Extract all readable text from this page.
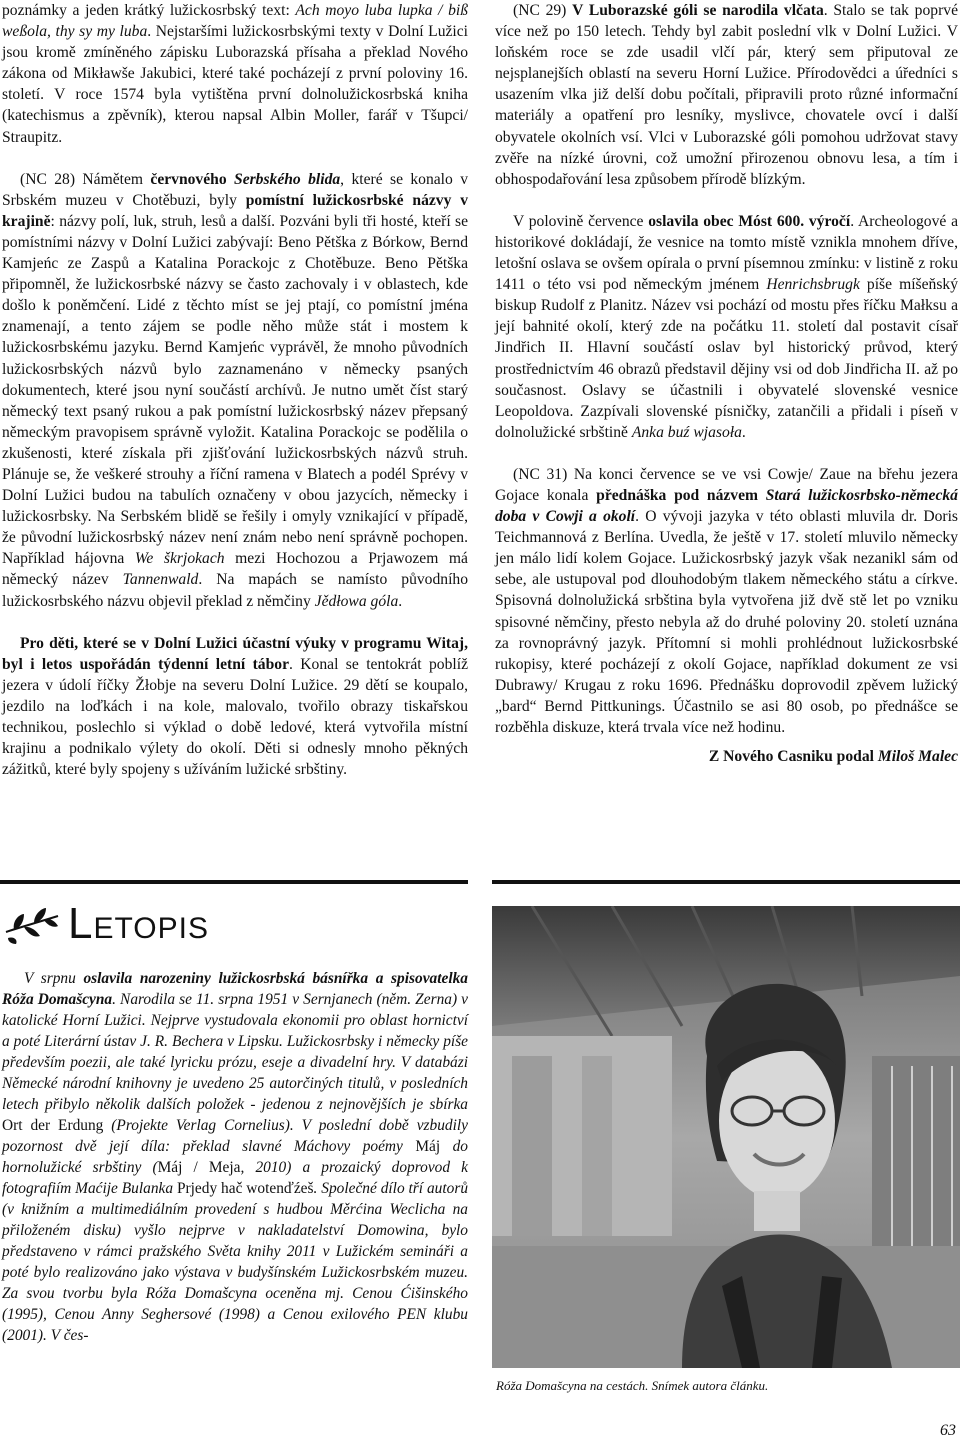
poznámky a jeden krátký lužickosrbský text: Ach moyo luba lupka / biß weßola, thy sy my luba. Nejstaršími lužickosrbskými texty v Dolní Lužici jsou kromě zmíněného zápisku Luborazská přísaha a překlad Nového zákona od Mikławše Jakubici, které také pocházejí z první poloviny 16. století. V roce 1574 byla vytištěna první dolnolužickosrbská kniha (katechismus a zpěvník), kterou napsal Albin Moller, farář v Tšupci/ Straupitz.

(NC 28) Námětem červnového Serbského blida, které se konalo v Srbském muzeu v Chotěbuzi, byly pomístní lužickosrbské názvy v krajině: názvy polí, luk, struh, lesů a další. Pozváni byli tři hosté, kteří se pomístními názvy v Dolní Lužici zabývají: Beno Pětška z Bórkow, Bernd Kamjeńc ze Zaspů a Katalina Porackojc z Chotěbuze. Beno Pětška připomněl, že lužickosrbské názvy se často zachovaly i v oblastech, kde došlo k poněmčení. Lidé z těchto míst se jej ptají, co pomístní jména znamenají, a tento zájem se podle něho může stát i mostem k lužickosrbskému jazyku. Bernd Kamjeńc vyprávěl, že mnoho původních lužickosrbských názvů bylo zaznamenáno v německy psaných dokumentech, které jsou nyní součástí archívů. Je nutno umět číst starý německý text psaný rukou a pak pomístní lužickosrbský název přepsaný německým pravopisem správně vyložit. Katalina Porackojc se podělila o zkušenosti, které získala při zjišťování lužickosrbských názvů struh. Plánuje se, že veškeré strouhy a říční ramena v Blatech a podél Sprévy v Dolní Lužici budou na tabulích označeny v obou jazycích, německy i lužickosrbsky. Na Serbském blidě se řešily i omyly vznikající v případě, že původní lužickosrbský název není znám nebo není správně pochopen. Například hájovna We škrjokach mezi Hochozou a Prjawozem má německý název Tannenwald. Na mapách se namísto původního lužickosrbského názvu objevil překlad z němčiny Jědłowa góla.

Pro děti, které se v Dolní Lužici účastní výuky v programu Witaj, byl i letos uspořádán týdenní letní tábor. Konal se tentokrát poblíž jezera v údolí říčky Žłobje na severu Dolní Lužice. 29 dětí se koupalo, jezdilo na loďkách i na kole, malovalo, tvořilo obrazy tiskařskou technikou, poslechlo si výklad o době ledové, která vytvořila místní krajinu a podnikalo výlety do okolí. Děti si odnesly mnoho pěkných zážitků, které byly spojeny s užíváním lužické srbštiny.

(NC 29) V Luborazské góli se narodila vlčata. Stalo se tak poprvé více než po 150 letech. Tehdy byl zabit poslední vlk v Dolní Lužici. V loňském roce se zde usadil vlčí pár, který sem připutoval ze nejsplanejších oblastí na severu Horní Lužice. Přírodovědci a úředníci s usazením vlka již delší dobu počítali, připravili proto různé informační materiály a opatření pro lesníky, myslivce, chovatele ovcí i další obyvatele okolních vsí. Vlci v Luborazské góli pomohou udržovat stavy zvěře na nízké úrovni, což umožní přirozenou obnovu lesa, a tím i obhospodařování lesa způsobem přírodě blízkým.

V polovině července oslavila obec Móst 600. výročí. Archeologové a historikové dokládají, že vesnice na tomto místě vznikla mnohem dříve, letošní oslava se ovšem opírala o první písemnou zmínku: v listině z roku 1411 o této vsi pod německým jménem Henrichsbrugk píše míšeňský biskup Rudolf z Planitz. Název vsi pochází od mostu přes říčku Małksu a její bahnité okolí, který zde na počátku 11. století dal postavit císař Jindřich II. Hlavní součástí oslav byl historický průvod, který prostřednictvím 46 obrazů představil dějiny vsi od dob Jindřicha II. až po současnost. Oslavy se účastnili i obyvatelé slovenské vesnice Leopoldova. Zazpívali slovenské písničky, zatančili a přidali i píseň v dolnolužické srbštině Anka buź wjasoła.

(NC 31) Na konci července se ve vsi Cowje/ Zaue na břehu jezera Gojace konala přednáška pod názvem Stará lužickosrbsko-německá doba v Cowji a okolí. O vývoji jazyka v této oblasti mluvila dr. Doris Teichmannová z Berlína. Uvedla, že ještě v 17. století mluvilo německy jen málo lidí kolem Gojace. Lužickosrbský jazyk však nezanikl sám od sebe, ale ustupoval pod dlouhodobým tlakem německého státu a církve. Spisovná dolnolužická srbština byla vytvořena již dvě stě let po vzniku spisovné němčiny, přesto nebyla až do druhé poloviny 20. století uznána za rovnoprávný jazyk. Přítomní si mohli prohlédnout lužickosrbské rukopisy, které pocházejí z okolí Gojace, například dokument ze vsi Dubrawy/ Krugau z roku 1696. Přednášku doprovodil zpěvem lužický „bard“ Bernd Pittkunings. Účastnilo se asi 80 osob, po přednášce se rozběhla diskuze, která trvala více než hodinu.

Z Nového Casniku podal Miloš Malec

LETOPIS

V srpnu oslavila narozeniny lužickosrbská básnířka a spisovatelka Róža Domašcyna. Narodila se 11. srpna 1951 v Sernjanech (něm. Zerna) v katolické Horní Lužici. Nejprve vystudovala ekonomii pro oblast hornictví a poté Literární ústav J. R. Bechera v Lipsku. Lužickosrbsky i německy píše především poezii, ale také lyricku prózu, eseje a divadelní hry. V databázi Německé národní knihovny je uvedeno 25 autorčiných titulů, v posledních letech přibylo několik dalších položek - jedenou z nejnovějších je sbírka Ort der Erdung (Projekte Verlag Cornelius). V poslední době vzbudily pozornost dvě její díla: překlad slavné Máchovy poémy Máj do hornolužické srbštiny (Máj / Meja, 2010) a prozaický doprovod k fotografiím Maćije Bulanka Prjedy hač wotenďźeš. Společné dílo tří autorů (v knižním a multimediálním provedení s hudbou Měrćina Weclicha na přiloženém disku) vyšlo nejprve v nakladatelství Domowina, bylo představeno v rámci pražského Světa knihy 2011 v Lužickém semináři a poté bylo realizováno jako výstava v budyšínském Lužickosrbském muzeu. Za svou tvorbu byla Róža Domašcyna oceněna mj. Cenou Ćišinského (1995), Cenou Anny Seghersové (1998) a Cenou exilového PEN klubu (2001). V čes-

Róža Domašcyna na cestách. Snímek autora článku.
63
